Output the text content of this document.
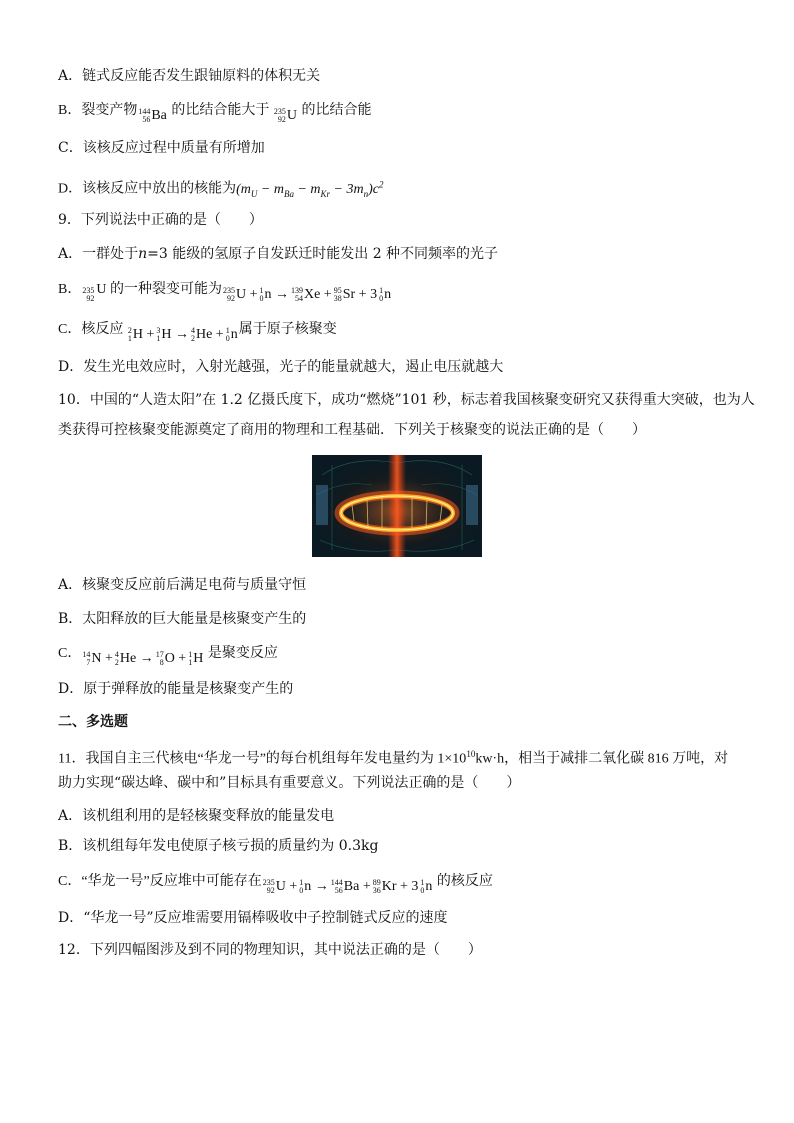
A．链式反应能否发生跟铀原料的体积无关
B．裂变产物 144
56 Ba 的比结合能大于 235
92 U 的比结合能
C．该核反应过程中质量有所增加
D．该核反应中放出的核能为$(m_U - m_{Ba} - m_{Kr} - 3m_n)c^2$
9．下列说法中正确的是（　　）
A．一群处于n=3 能级的氢原子自发跃迁时能发出 2 种不同频率的光子
B． 235
92
U 的一种裂变可能为 235
92 U + 1
0 n → 139
54 Xe + 95
38 Sr + 3 1
0 n
C．核反应 2
1 H + 3
1 H → 4
2 He + 1
0 n 属于原子核聚变
D．发生光电效应时，入射光越强，光子的能量就越大，遏止电压就越大
10．中国的“人造太阳”在 1.2 亿摄氏度下，成功“燃烧”101 秒，标志着我国核聚变研究又获得重大突破，也为人
类获得可控核聚变能源奠定了商用的物理和工程基础．下列关于核聚变的说法正确的是（　　）
A．核聚变反应前后满足电荷与质量守恒
B．太阳释放的巨大能量是核聚变产生的
C． 14
7 N + 4
2 He → 17
8 O + 1
1 H 是聚变反应
D．原于弹释放的能量是核聚变产生的
二、多选题
11．我国自主三代核电“华龙一号”的每台机组每年发电量约为 $1\times 10^{10}kw\cdot h$，相当于减排二氧化碳 816 万吨，对
助力实现“碳达峰、碳中和”目标具有重要意义。下列说法正确的是（　　）
A．该机组利用的是轻核聚变释放的能量发电
B．该机组每年发电使原子核亏损的质量约为 0.3kg
C．“华龙一号”反应堆中可能存在 235
92 U + 1
0 n → 144
56 Ba + 89
36 Kr + 3 1
0 n 的核反应
D．“华龙一号”反应堆需要用镉棒吸收中子控制链式反应的速度
12．下列四幅图涉及到不同的物理知识，其中说法正确的是（　　）
